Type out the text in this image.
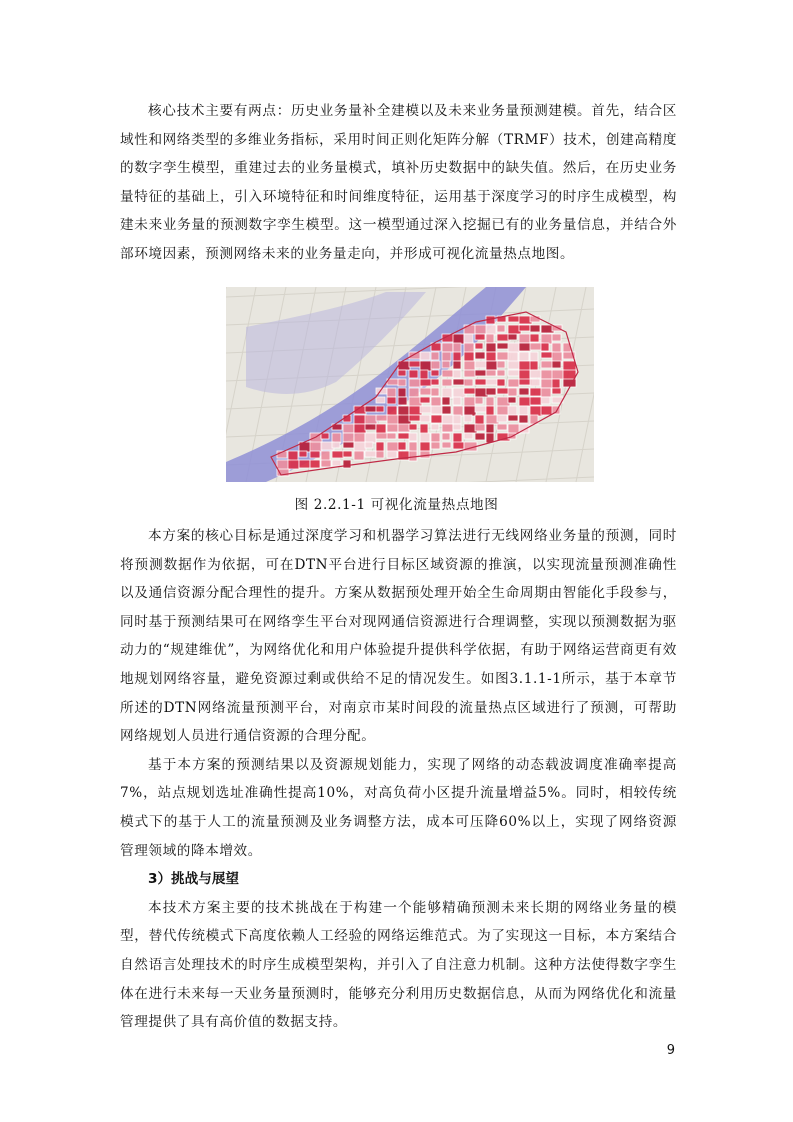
核心技术主要有两点：历史业务量补全建模以及未来业务量预测建模。首先，结合区域性和网络类型的多维业务指标，采用时间正则化矩阵分解（TRMF）技术，创建高精度的数字孪生模型，重建过去的业务量模式，填补历史数据中的缺失值。然后，在历史业务量特征的基础上，引入环境特征和时间维度特征，运用基于深度学习的时序生成模型，构建未来业务量的预测数字孪生模型。这一模型通过深入挖掘已有的业务量信息，并结合外部环境因素，预测网络未来的业务量走向，并形成可视化流量热点地图。

图 2.2.1-1 可视化流量热点地图

本方案的核心目标是通过深度学习和机器学习算法进行无线网络业务量的预测，同时将预测数据作为依据，可在DTN平台进行目标区域资源的推演，以实现流量预测准确性以及通信资源分配合理性的提升。方案从数据预处理开始全生命周期由智能化手段参与，同时基于预测结果可在网络孪生平台对现网通信资源进行合理调整，实现以预测数据为驱动力的“规建维优”，为网络优化和用户体验提升提供科学依据，有助于网络运营商更有效地规划网络容量，避免资源过剩或供给不足的情况发生。如图3.1.1-1所示，基于本章节所述的DTN网络流量预测平台，对南京市某时间段的流量热点区域进行了预测，可帮助网络规划人员进行通信资源的合理分配。

基于本方案的预测结果以及资源规划能力，实现了网络的动态载波调度准确率提高7%，站点规划选址准确性提高10%，对高负荷小区提升流量增益5%。同时，相较传统模式下的基于人工的流量预测及业务调整方法，成本可压降60%以上，实现了网络资源管理领域的降本增效。

3）挑战与展望

本技术方案主要的技术挑战在于构建一个能够精确预测未来长期的网络业务量的模型，替代传统模式下高度依赖人工经验的网络运维范式。为了实现这一目标，本方案结合自然语言处理技术的时序生成模型架构，并引入了自注意力机制。这种方法使得数字孪生体在进行未来每一天业务量预测时，能够充分利用历史数据信息，从而为网络优化和流量管理提供了具有高价值的数据支持。

9
